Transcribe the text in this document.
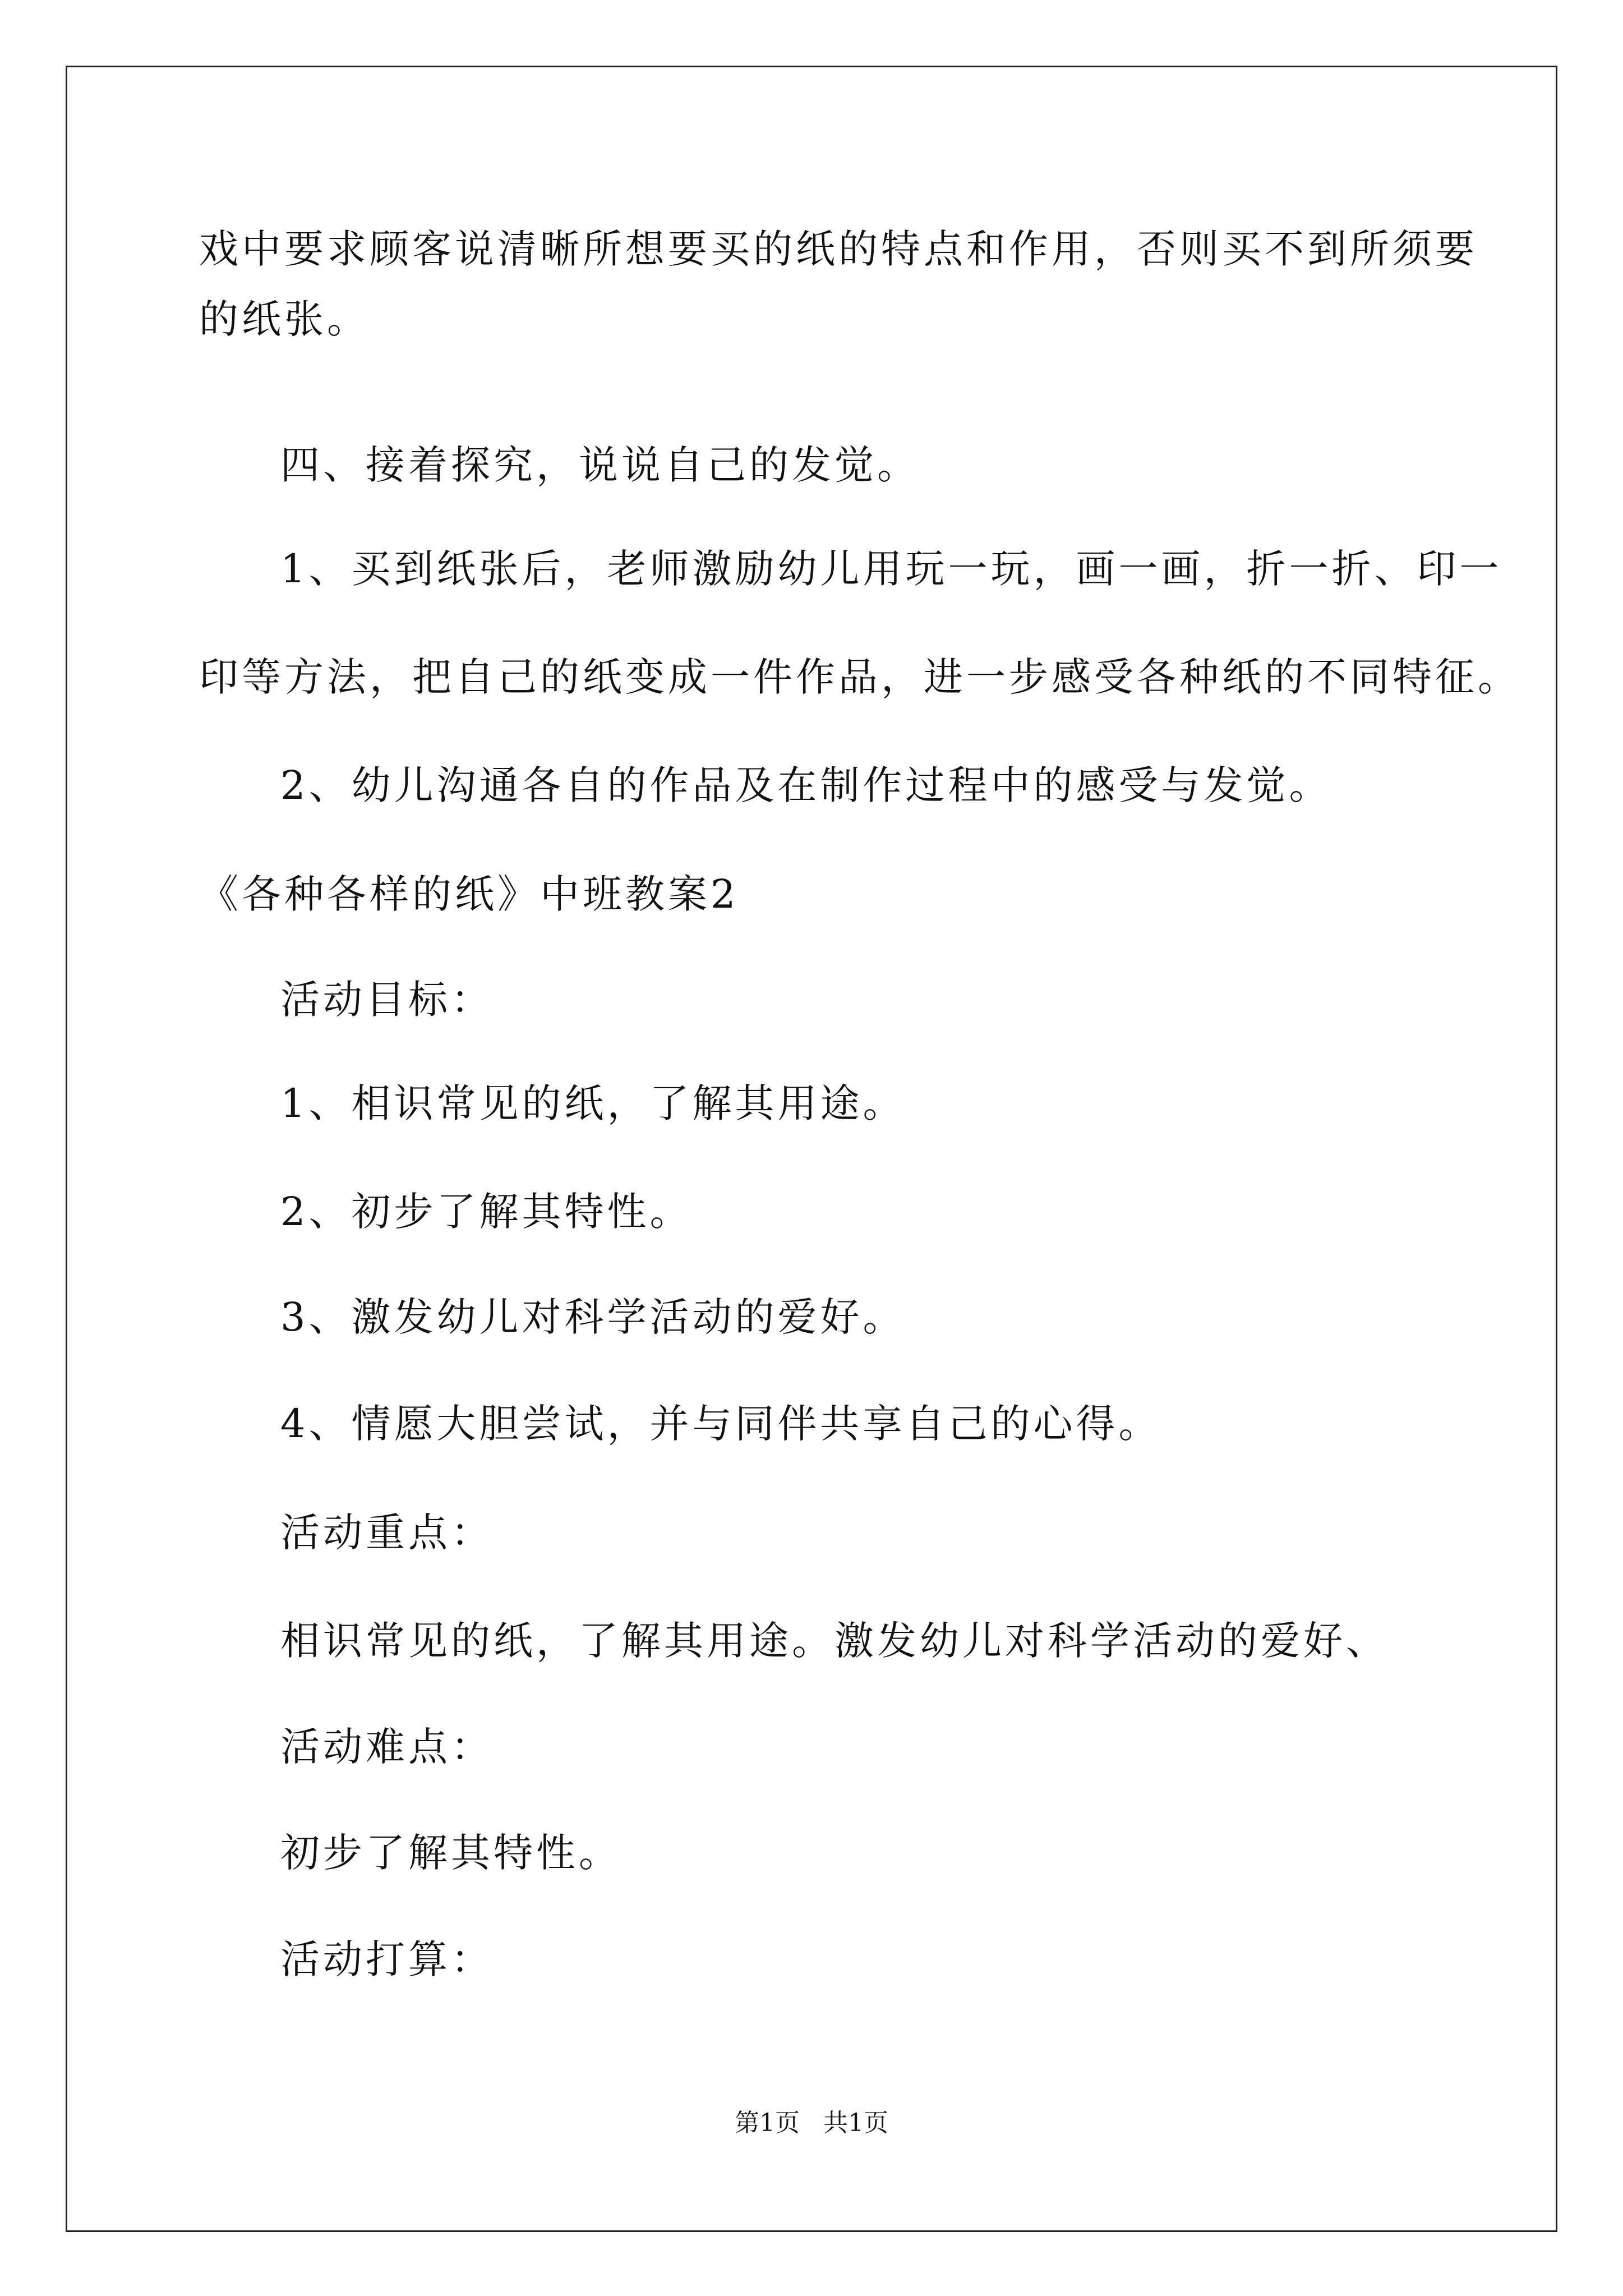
戏中要求顾客说清晰所想要买的纸的特点和作用，否则买不到所须要
的纸张。
四、接着探究，说说自己的发觉。
1、买到纸张后，老师激励幼儿用玩一玩，画一画，折一折、印一
印等方法，把自己的纸变成一件作品，进一步感受各种纸的不同特征。
2、幼儿沟通各自的作品及在制作过程中的感受与发觉。
《各种各样的纸》中班教案2
活动目标：
1、相识常见的纸，了解其用途。
2、初步了解其特性。
3、激发幼儿对科学活动的爱好。
4、情愿大胆尝试，并与同伴共享自己的心得。
活动重点：
相识常见的纸，了解其用途。激发幼儿对科学活动的爱好、
活动难点：
初步了解其特性。
活动打算：
第1页   共1页
